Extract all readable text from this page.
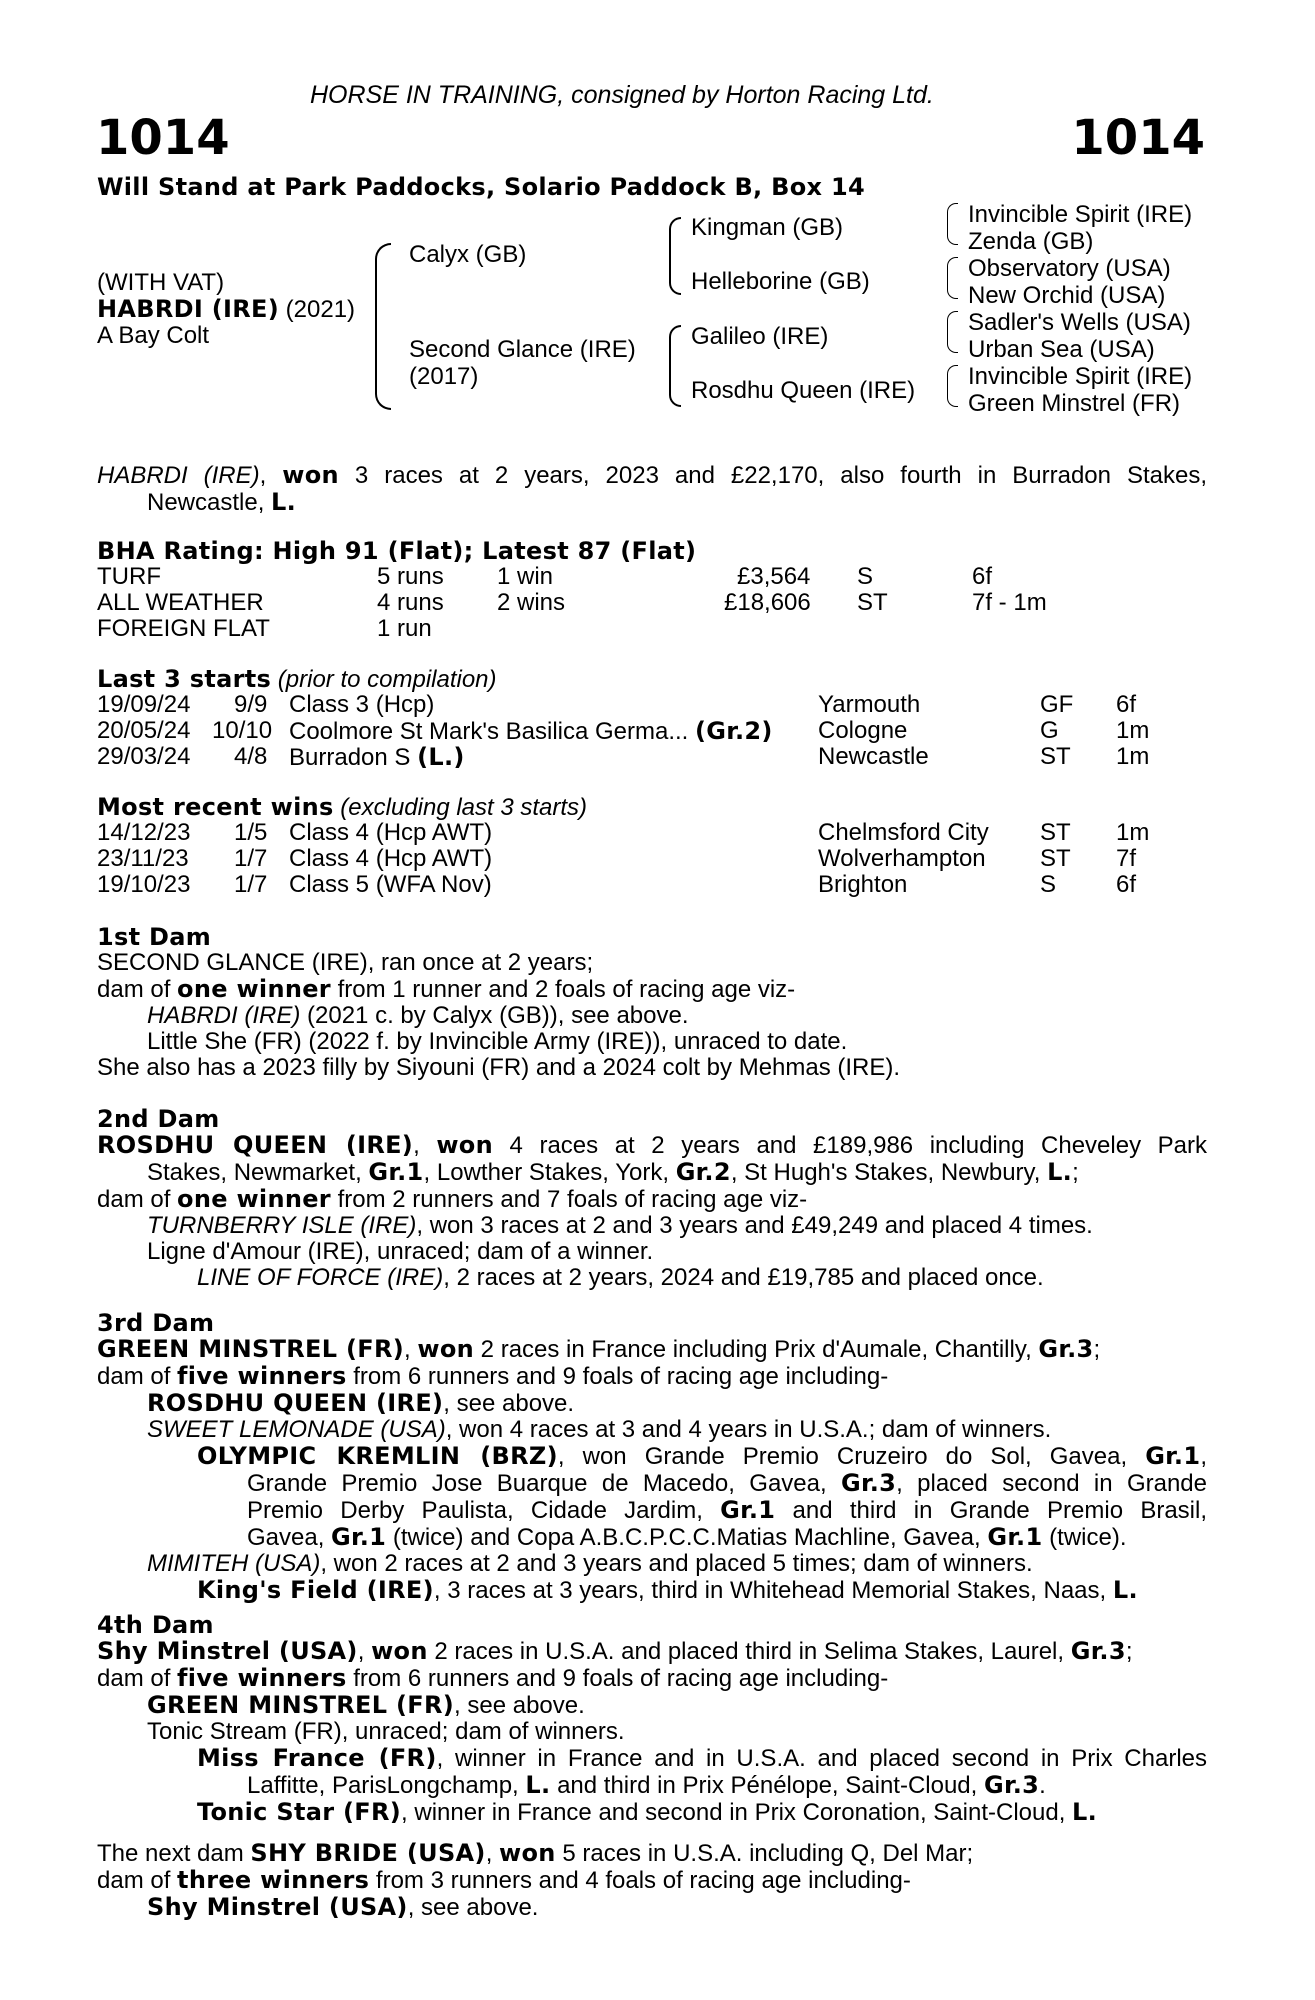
HORSE IN TRAINING, consigned by Horton Racing Ltd.
1014	1014
Will Stand at Park Paddocks, Solario Paddock B, Box 14
(WITH VAT)
HABRDI (IRE) (2021)
A Bay Colt
Calyx (GB)
Second Glance (IRE)
(2017)
Kingman (GB)
Helleborine (GB)
Galileo (IRE)
Rosdhu Queen (IRE)
Invincible Spirit (IRE)
Zenda (GB)
Observatory (USA)
New Orchid (USA)
Sadler's Wells (USA)
Urban Sea (USA)
Invincible Spirit (IRE)
Green Minstrel (FR)
HABRDI (IRE), won 3 races at 2 years, 2023 and £22,170, also fourth in Burradon Stakes,
Newcastle, L.
BHA Rating: High 91 (Flat); Latest 87 (Flat)
TURF	5 runs 1 win	£3,564 S	6f
ALL WEATHER	4 runs 2 wins	£18,606 ST	7f - 1m
FOREIGN FLAT	1 run
Last 3 starts (prior to compilation)
19/09/24 9/9 Class 3 (Hcp)	Yarmouth	GF 6f
20/05/24 10/10 Coolmore St Mark's Basilica Germa... (Gr.2) Cologne	G 1m
29/03/24 4/8 Burradon S (L.)	Newcastle	ST 1m
Most recent wins (excluding last 3 starts)
14/12/23 1/5 Class 4 (Hcp AWT)	Chelmsford City ST 1m
23/11/23 1/7 Class 4 (Hcp AWT)	Wolverhampton ST 7f
19/10/23 1/7 Class 5 (WFA Nov)	Brighton	S 6f
1st Dam
SECOND GLANCE (IRE), ran once at 2 years;
dam of one winner from 1 runner and 2 foals of racing age viz-
HABRDI (IRE) (2021 c. by Calyx (GB)), see above.
Little She (FR) (2022 f. by Invincible Army (IRE)), unraced to date.
She also has a 2023 filly by Siyouni (FR) and a 2024 colt by Mehmas (IRE).
2nd Dam
ROSDHU QUEEN (IRE), won 4 races at 2 years and £189,986 including Cheveley Park
Stakes, Newmarket, Gr.1, Lowther Stakes, York, Gr.2, St Hugh's Stakes, Newbury, L.;
dam of one winner from 2 runners and 7 foals of racing age viz-
TURNBERRY ISLE (IRE), won 3 races at 2 and 3 years and £49,249 and placed 4 times.
Ligne d'Amour (IRE), unraced; dam of a winner.
LINE OF FORCE (IRE), 2 races at 2 years, 2024 and £19,785 and placed once.
3rd Dam
GREEN MINSTREL (FR), won 2 races in France including Prix d'Aumale, Chantilly, Gr.3;
dam of five winners from 6 runners and 9 foals of racing age including-
ROSDHU QUEEN (IRE), see above.
SWEET LEMONADE (USA), won 4 races at 3 and 4 years in U.S.A.; dam of winners.
OLYMPIC KREMLIN (BRZ), won Grande Premio Cruzeiro do Sol, Gavea, Gr.1,
Grande Premio Jose Buarque de Macedo, Gavea, Gr.3, placed second in Grande
Premio Derby Paulista, Cidade Jardim, Gr.1 and third in Grande Premio Brasil,
Gavea, Gr.1 (twice) and Copa A.B.C.P.C.C.Matias Machline, Gavea, Gr.1 (twice).
MIMITEH (USA), won 2 races at 2 and 3 years and placed 5 times; dam of winners.
King's Field (IRE), 3 races at 3 years, third in Whitehead Memorial Stakes, Naas, L.
4th Dam
Shy Minstrel (USA), won 2 races in U.S.A. and placed third in Selima Stakes, Laurel, Gr.3;
dam of five winners from 6 runners and 9 foals of racing age including-
GREEN MINSTREL (FR), see above.
Tonic Stream (FR), unraced; dam of winners.
Miss France (FR), winner in France and in U.S.A. and placed second in Prix Charles
Laffitte, ParisLongchamp, L. and third in Prix Pénélope, Saint-Cloud, Gr.3.
Tonic Star (FR), winner in France and second in Prix Coronation, Saint-Cloud, L.
The next dam SHY BRIDE (USA), won 5 races in U.S.A. including Q, Del Mar;
dam of three winners from 3 runners and 4 foals of racing age including-
Shy Minstrel (USA), see above.
